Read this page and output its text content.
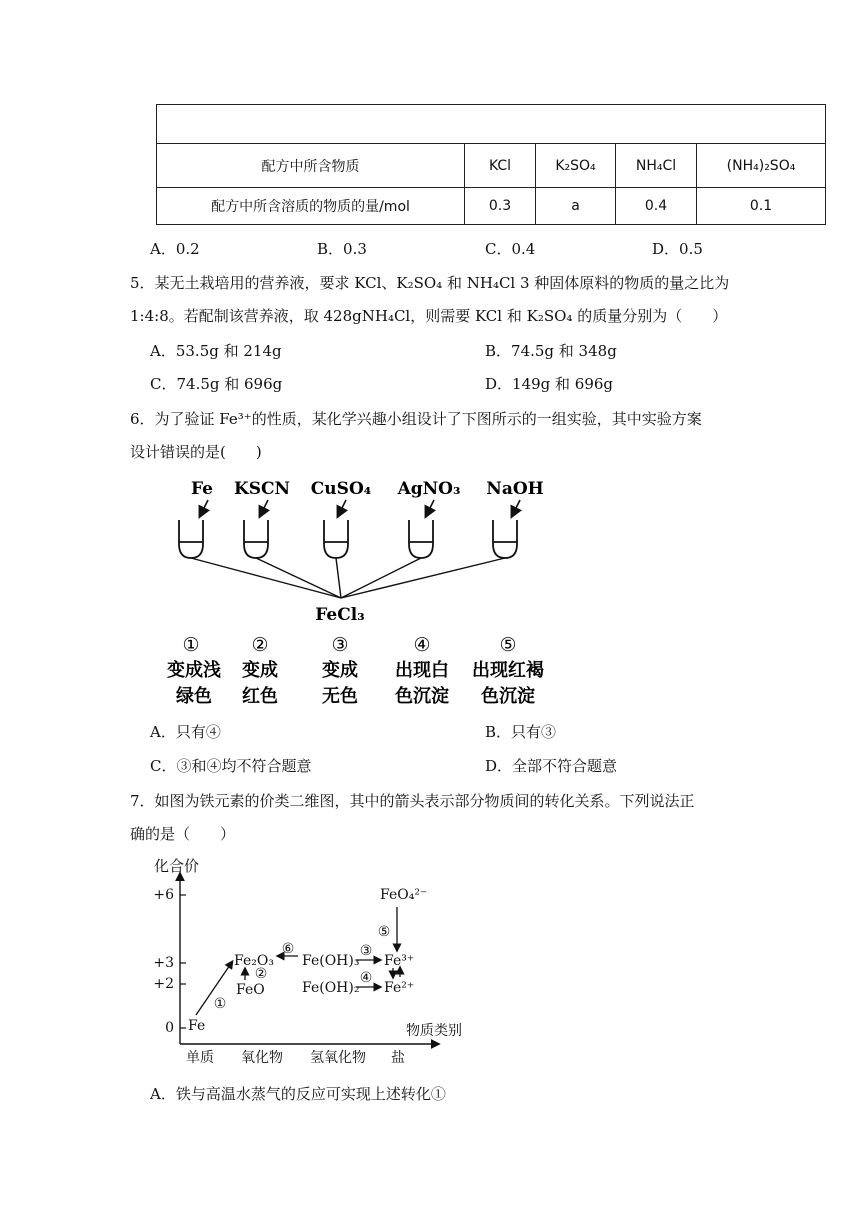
配方中所含物质	KCl	K₂SO₄	NH₄Cl	(NH₄)₂SO₄
配方中所含溶质的物质的量/mol	0.3	a	0.4	0.1
A．0.2	B．0.3	C．0.4	D．0.5
5．某无土栽培用的营养液，要求 KCl、K₂SO₄ 和 NH₄Cl 3 种固体原料的物质的量之比为
1:4:8。若配制该营养液，取 428gNH₄Cl，则需要 KCl 和 K₂SO₄ 的质量分别为（　　）
A．53.5g 和 214g	B．74.5g 和 348g
C．74.5g 和 696g	D．149g 和 696g
6．为了验证 Fe³⁺的性质，某化学兴趣小组设计了下图所示的一组实验，其中实验方案
设计错误的是(　　)
Fe KSCN CuSO₄ AgNO₃ NaOH
FeCl₃
①	②	③	④	⑤
变成浅 变成 变成 出现白 出现红褐
绿色 红色 无色 色沉淀 色沉淀
A．只有④	B．只有③
C．③和④均不符合题意	D．全部不符合题意
7．如图为铁元素的价类二维图，其中的箭头表示部分物质间的转化关系。下列说法正
确的是（　　）
化合价
物质类别
+6
+3
+2
0
单质 氧化物 氢氧化物 盐
Fe
Fe₂O₃
FeO
Fe(OH)₃
Fe(OH)₂
Fe³⁺
Fe²⁺
FeO₄²⁻
①
②
③
④
⑤
⑥
A．铁与高温水蒸气的反应可实现上述转化①
